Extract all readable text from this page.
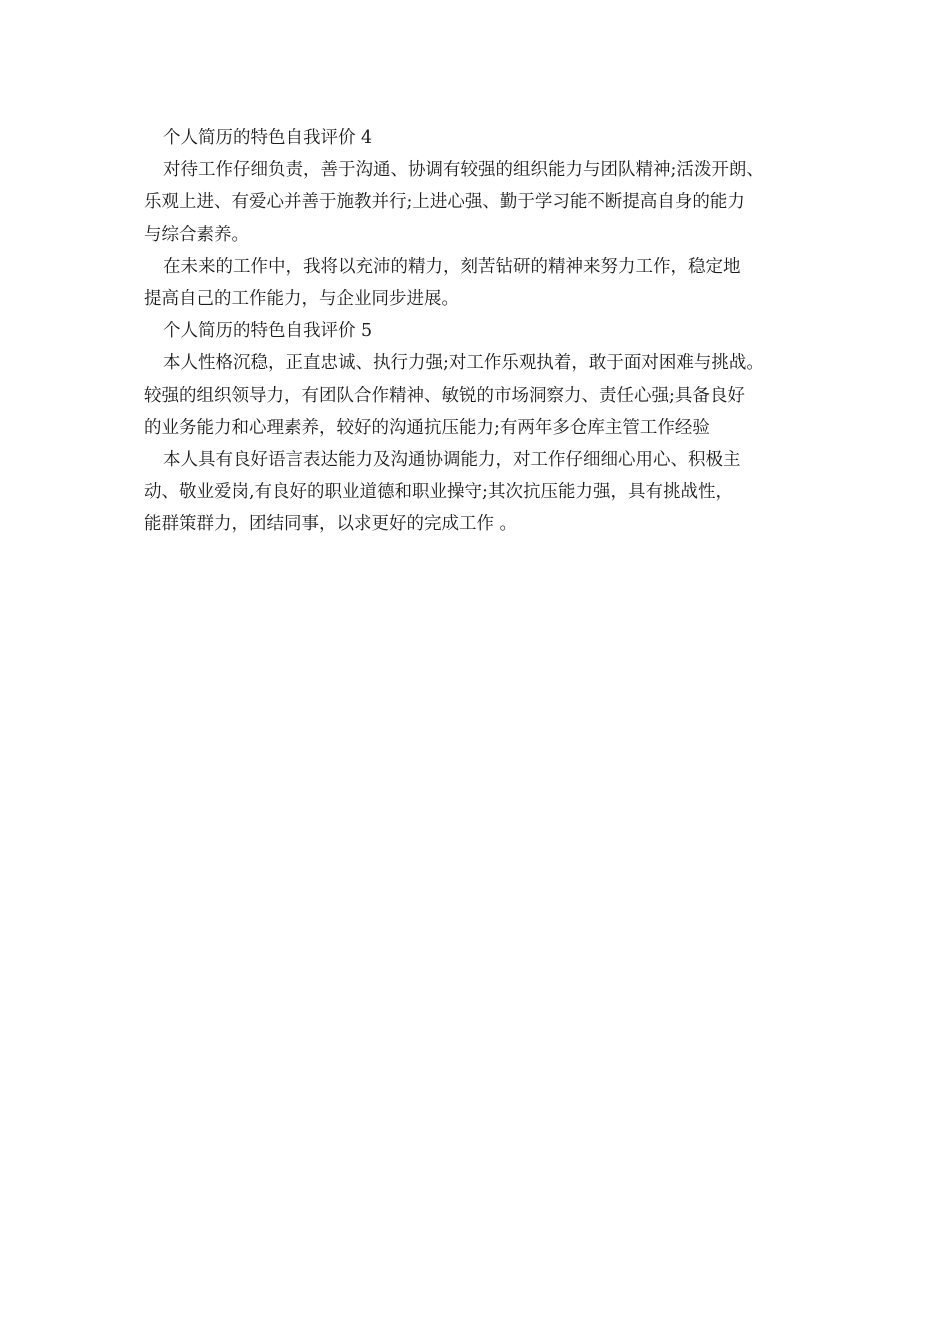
个人简历的特色自我评价 4
对待工作仔细负责，善于沟通、协调有较强的组织能力与团队精神;活泼开朗、
乐观上进、有爱心并善于施教并行;上进心强、勤于学习能不断提高自身的能力
与综合素养。
在未来的工作中，我将以充沛的精力，刻苦钻研的精神来努力工作，稳定地
提高自己的工作能力，与企业同步进展。
个人简历的特色自我评价 5
本人性格沉稳，正直忠诚、执行力强;对工作乐观执着，敢于面对困难与挑战。
较强的组织领导力，有团队合作精神、敏锐的市场洞察力、责任心强;具备良好
的业务能力和心理素养，较好的沟通抗压能力;有两年多仓库主管工作经验
本人具有良好语言表达能力及沟通协调能力，对工作仔细细心用心、积极主
动、敬业爱岗,有良好的职业道德和职业操守;其次抗压能力强，具有挑战性，
能群策群力，团结同事，以求更好的完成工作 。
